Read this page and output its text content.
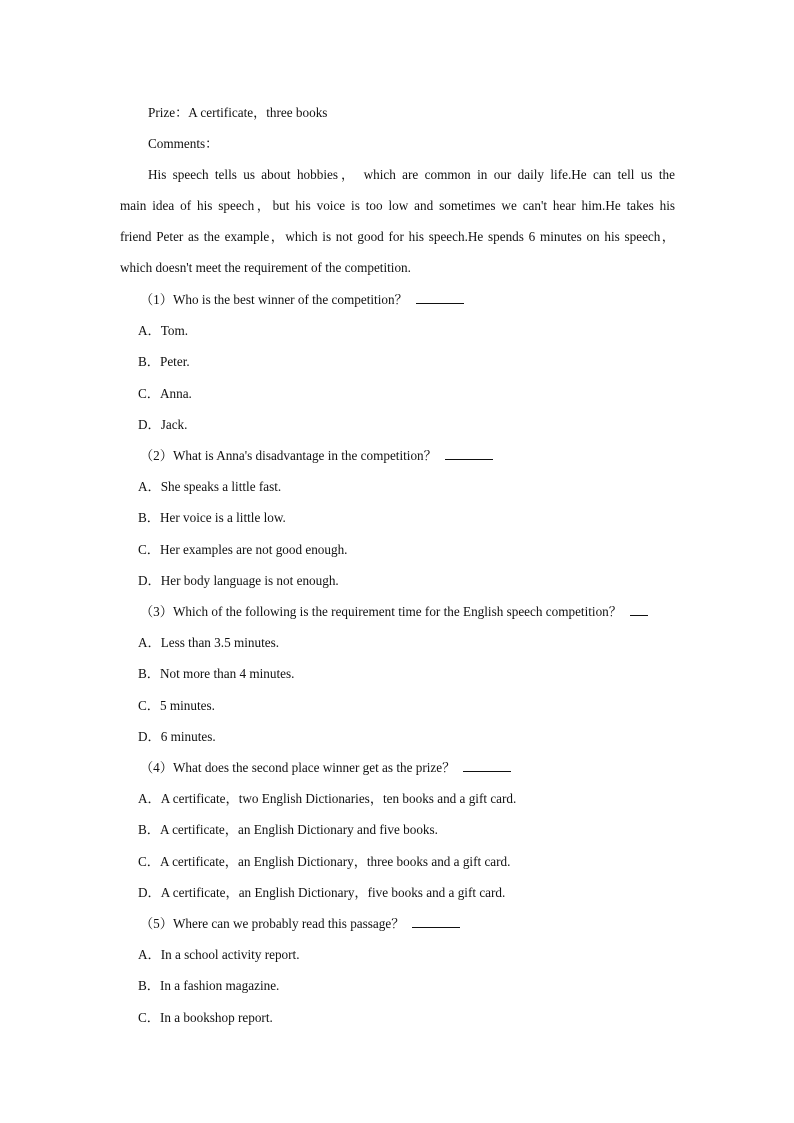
Prize：A certificate，three books
Comments：
His speech tells us about hobbies， which are common in our daily life.He can tell us the
main idea of his speech，but his voice is too low and sometimes we can't hear him.He takes his
friend Peter as the example，which is not good for his speech.He spends 6 minutes on his speech，
which doesn't meet the requirement of the competition.
（1）Who is the best winner of the competition？
A．Tom.
B．Peter.
C．Anna.
D．Jack.
（2）What is Anna's disadvantage in the competition？
A．She speaks a little fast.
B．Her voice is a little low.
C．Her examples are not good enough.
D．Her body language is not enough.
（3）Which of the following is the requirement time for the English speech competition？
A．Less than 3.5 minutes.
B．Not more than 4 minutes.
C．5 minutes.
D．6 minutes.
（4）What does the second place winner get as the prize？
A．A certificate，two English Dictionaries，ten books and a gift card.
B．A certificate，an English Dictionary and five books.
C．A certificate，an English Dictionary，three books and a gift card.
D．A certificate，an English Dictionary，five books and a gift card.
（5）Where can we probably read this passage？
A．In a school activity report.
B．In a fashion magazine.
C．In a bookshop report.
